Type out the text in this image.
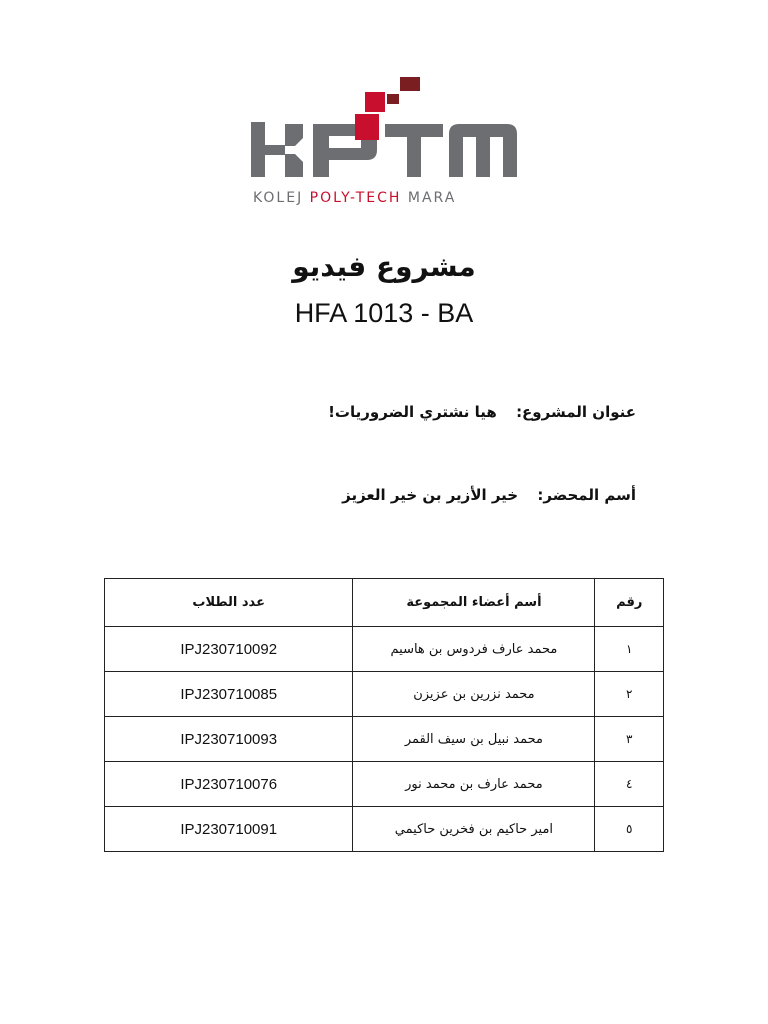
KOLEJ POLY-TECH MARA
مشروع فيديو
HFA 1013 - BA
عنوان المشروع: هيا نشتري الضروريات!
أسم المحضر: خير الأزير بن خير العزيز
رقم	أسم أعضاء المجموعة	عدد الطلاب
١	محمد عارف فردوس بن هاسيم	IPJ230710092
٢	محمد نزرين بن عزيزن	IPJ230710085
٣	محمد نبيل بن سيف القمر	IPJ230710093
٤	محمد عارف بن محمد نور	IPJ230710076
٥	امير حاكيم بن فخرين حاكيمي	IPJ230710091
